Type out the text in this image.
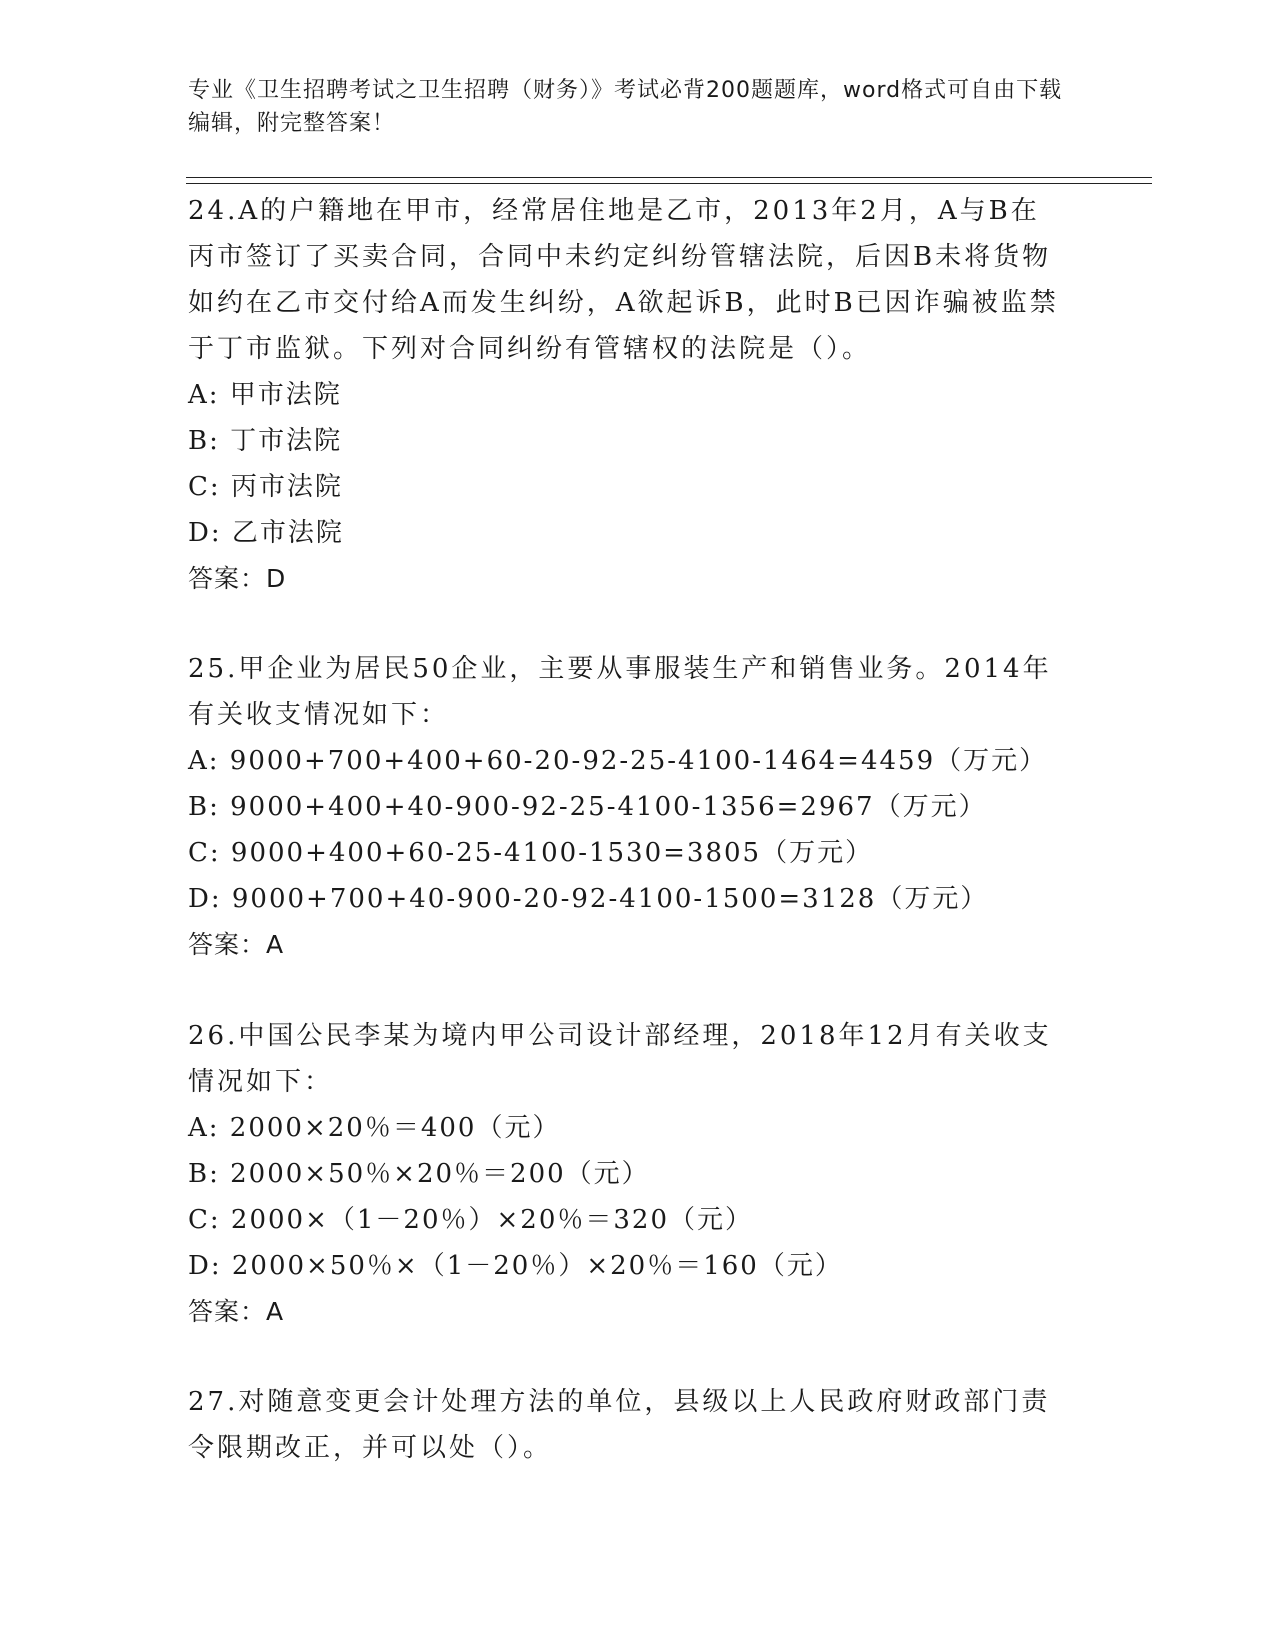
专业《卫生招聘考试之卫生招聘（财务）》考试必背200题题库，word格式可自由下载编辑，附完整答案！
24.A的户籍地在甲市，经常居住地是乙市，2013年2月，A与B在丙市签订了买卖合同，合同中未约定纠纷管辖法院，后因B未将货物如约在乙市交付给A而发生纠纷，A欲起诉B，此时B已因诈骗被监禁于丁市监狱。下列对合同纠纷有管辖权的法院是（）。
A: 甲市法院
B: 丁市法院
C: 丙市法院
D: 乙市法院
答案：D
25.甲企业为居民50企业，主要从事服装生产和销售业务。2014年有关收支情况如下：
A: 9000+700+400+60-20-92-25-4100-1464=4459（万元）
B: 9000+400+40-900-92-25-4100-1356=2967（万元）
C: 9000+400+60-25-4100-1530=3805（万元）
D: 9000+700+40-900-20-92-4100-1500=3128（万元）
答案：A
26.中国公民李某为境内甲公司设计部经理，2018年12月有关收支情况如下：
A: 2000×20％＝400（元）
B: 2000×50％×20％＝200（元）
C: 2000×（1－20％）×20％＝320（元）
D: 2000×50％×（1－20％）×20％＝160（元）
答案：A
27.对随意变更会计处理方法的单位，县级以上人民政府财政部门责令限期改正，并可以处（）。
